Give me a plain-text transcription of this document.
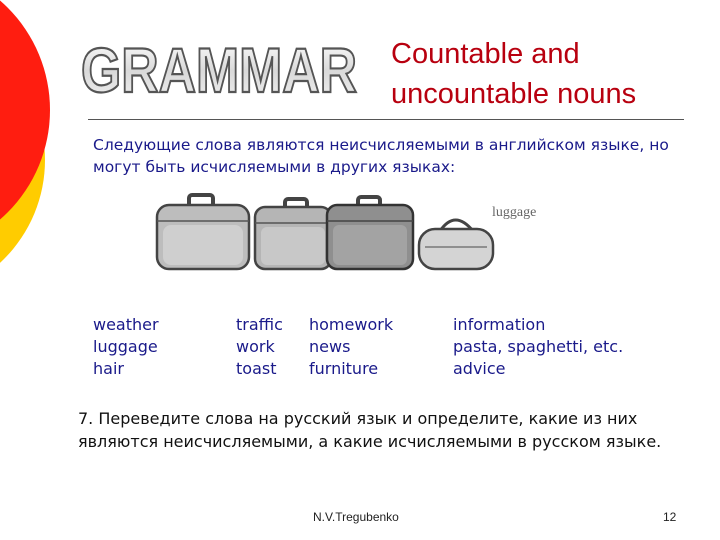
GRAMMAR Countable and
uncountable nouns
Следующие слова являются неисчисляемыми в английском языке, но могут быть исчисляемыми в других языках:
luggage
weather
luggage
hair
traffic
work
toast
homework
news
furniture
information
pasta, spaghetti, etc.
advice
7. Переведите слова на русский язык и определите, какие из них являются неисчисляемыми, а какие исчисляемыми в русском языке.
N.V.Tregubenko	12
